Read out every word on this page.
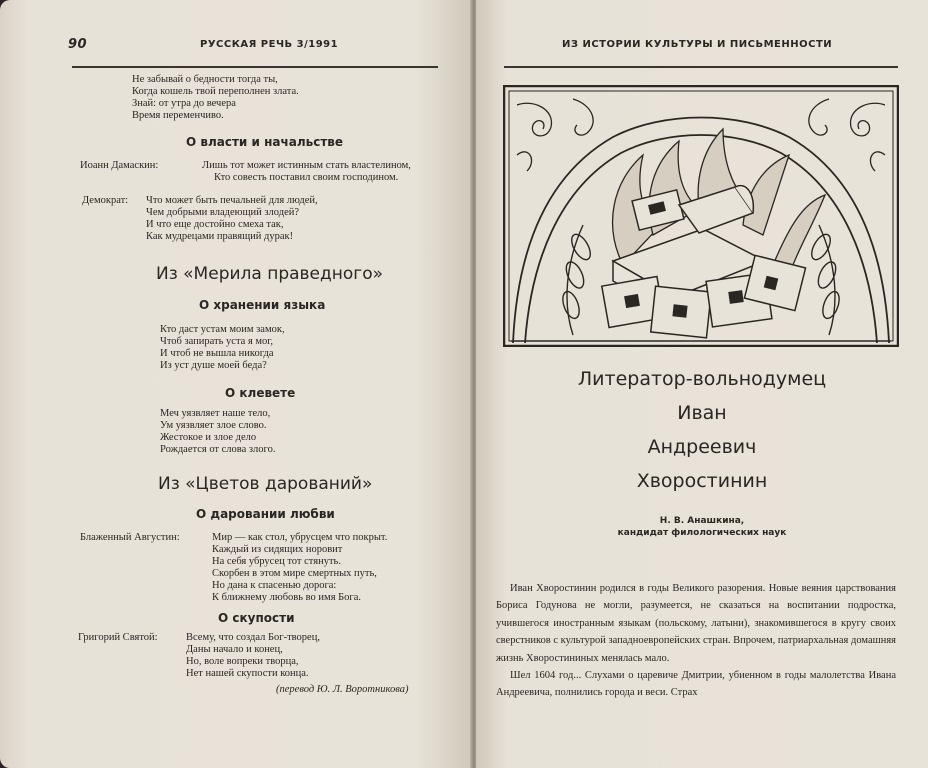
90	РУССКАЯ РЕЧЬ 3/1991
Не забывай о бедности тогда ты,
Когда кошель твой переполнен злата.
Знай: от утра до вечера
Время переменчиво.
О власти и начальстве
Иоанн Дамаскин:	Лишь тот может истинным стать властелином,
Кто совесть поставил своим господином.
Демократ: Что может быть печальней для людей,
Чем добрыми владеющий злодей?
И что еще достойно смеха так,
Как мудрецами правящий дурак!
Из «Мерила праведного»
О хранении языка
Кто даст устам моим замок,
Чтоб запирать уста я мог,
И чтоб не вышла никогда
Из уст душе моей беда?
О клевете
Меч уязвляет наше тело,
Ум уязвляет злое слово.
Жестокое и злое дело
Рождается от слова злого.
Из «Цветов дарований»
О даровании любви
Блаженный Августин:	Мир — как стол, убрусцем что покрыт.
Каждый из сидящих норовит
На себя убрусец тот стянуть.
Скорбен в этом мире смертных путь,
Но дана к спасенью дорога:
К ближнему любовь во имя Бога.
О скупости
Григорий Святой:	Всему, что создал Бог-творец,
Даны начало и конец,
Но, воле вопреки творца,
Нет нашей скупости конца.
(перевод Ю. Л. Воротникова)
ИЗ ИСТОРИИ КУЛЬТУРЫ И ПИСЬМЕННОСТИ
Литератор-вольнодумец
Иван
Андреевич
Хворостинин
Н. В. Анашкина,
кандидат филологических наук

Иван Хворостинин родился в годы Великого разорения. Новые веяния царствования Бориса Годунова не могли, разумеется, не сказаться на воспитании подростка, учившегося иностранным языкам (польскому, латыни), знакомившегося в кругу своих сверстников с культурой западноевропейских стран. Впрочем, патриархальная домашняя жизнь Хворостининых менялась мало.

Шел 1604 год... Слухами о царевиче Дмитрии, убиенном в годы малолетства Ивана Андреевича, полнились города и веси. Страх
